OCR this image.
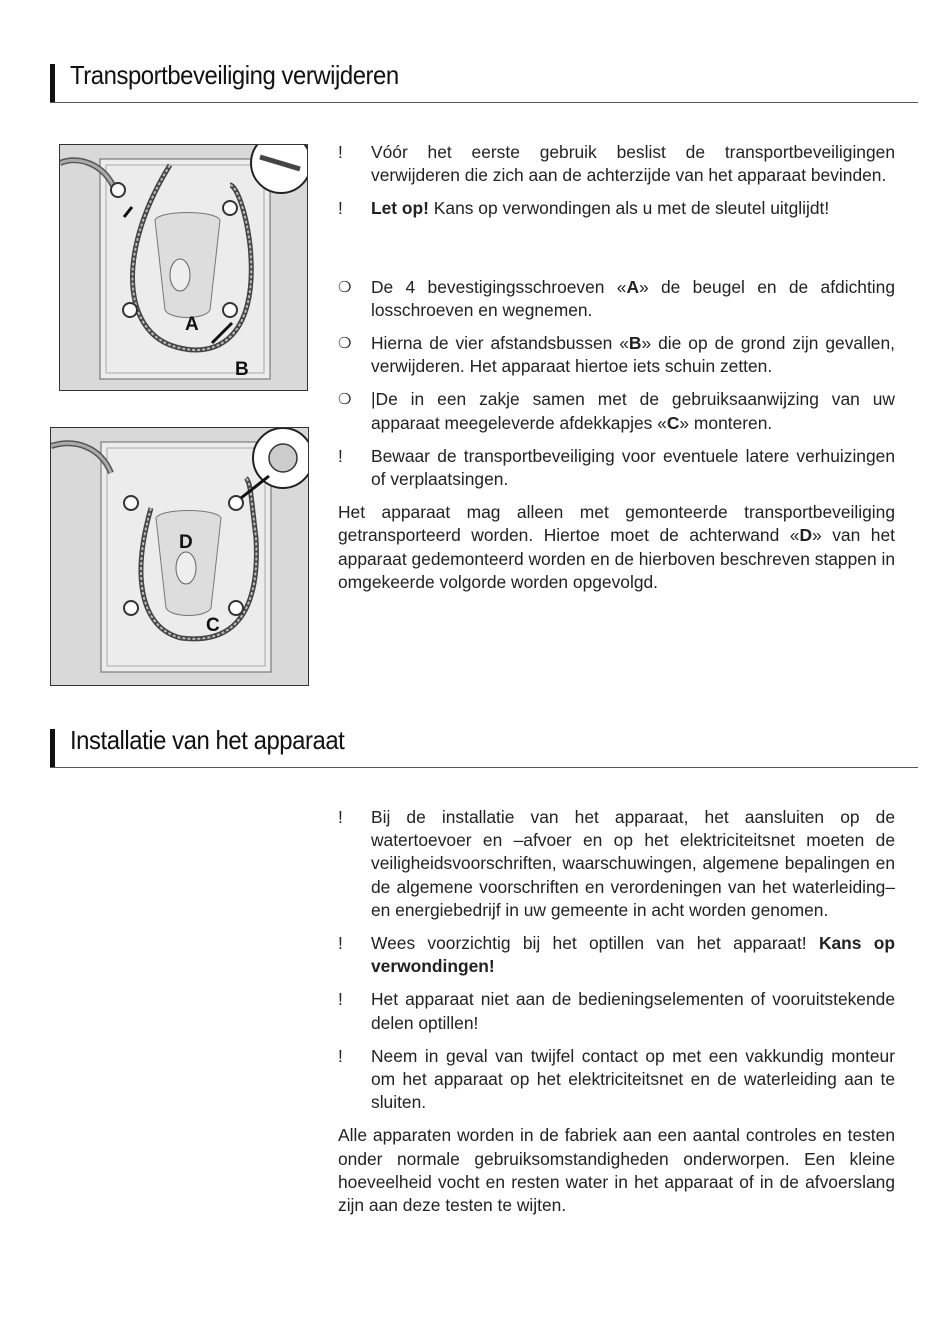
Transportbeveiliging verwijderen
A
B
D
C
!	Vóór het eerste gebruik beslist de transportbeveiligingen verwijderen die zich aan de achterzijde van het apparaat bevinden.
!	Let op! Kans op verwondingen als u met de sleutel uitglijdt!
❍	De 4 bevestigingsschroeven «A» de beugel en de afdichting losschroeven en wegnemen.
❍	Hierna de vier afstandsbussen «B» die op de grond zijn gevallen, verwijderen. Het apparaat hiertoe iets schuin zetten.
❍	|De in een zakje samen met de gebruiksaanwijzing van uw apparaat meegeleverde afdekkapjes «C» monteren.
!	Bewaar de transportbeveiliging voor eventuele latere verhuizingen of verplaatsingen.
Het apparaat mag alleen met gemonteerde transportbeveiliging getransporteerd worden. Hiertoe moet de achterwand «D» van het apparaat gedemonteerd worden en de hierboven beschreven stappen in omgekeerde volgorde worden opgevolgd.
Installatie van het apparaat
!	Bij de installatie van het apparaat, het aansluiten op de watertoevoer en –afvoer en op het elektriciteitsnet moeten de veiligheidsvoorschriften, waarschuwingen, algemene bepalingen en de algemene voorschriften en verordeningen van het waterleiding– en energiebedrijf in uw gemeente in acht worden genomen.
!	Wees voorzichtig bij het optillen van het apparaat! Kans op verwondingen!
!	Het apparaat niet aan de bedieningselementen of vooruitstekende delen optillen!
!	Neem in geval van twijfel contact op met een vakkundig monteur om het apparaat op het elektriciteitsnet en de waterleiding aan te sluiten.
Alle apparaten worden in de fabriek aan een aantal controles en testen onder normale gebruiksomstandigheden onderworpen. Een kleine hoeveelheid vocht en resten water in het apparaat of in de afvoerslang zijn aan deze testen te wijten.
